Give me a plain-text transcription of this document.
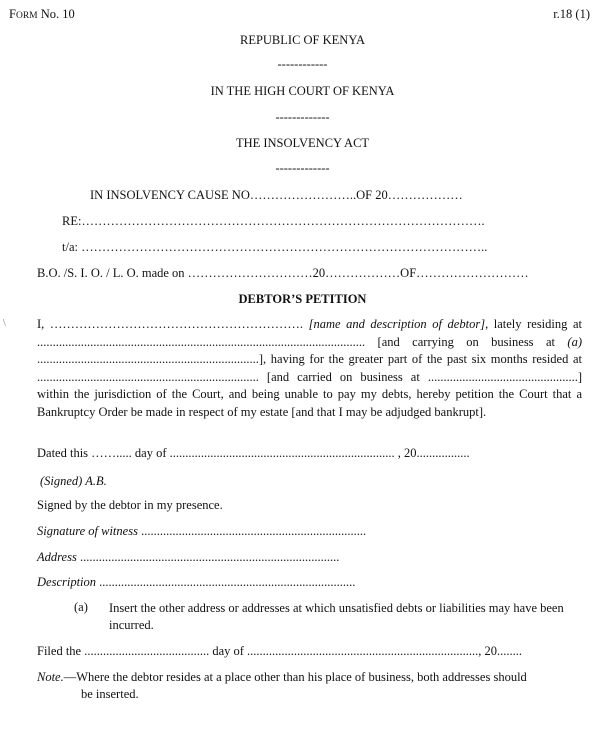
FORM No. 10	r.18 (1)
REPUBLIC OF KENYA
------------
IN THE HIGH COURT OF KENYA
-------------
THE INSOLVENCY ACT
-------------
IN INSOLVENCY CAUSE NO……………………..OF 20………………
RE:…………………………………………………………………………………….
t/a: ……………………………………………………………………………………..
B.O. /S. I. O. / L. O. made on …………………………20………………OF………………………
DEBTOR’S PETITION
\ I, ……………………………………………………. [name and description of debtor], lately residing at ......................................................................................................... [and carrying on business at (a) .......................................................................], having for the greater part of the past six months resided at ....................................................................... [and carried on business at ................................................] within the jurisdiction of the Court, and being unable to pay my debts, hereby petition the Court that a Bankruptcy Order be made in respect of my estate [and that I may be adjudged bankrupt].
Dated this ……..... day of ........................................................................ , 20.................
(Signed) A.B.
Signed by the debtor in my presence.
Signature of witness ........................................................................
Address ...................................................................................
Description ..................................................................................
(a) Insert the other address or addresses at which unsatisfied debts or liabilities may have been incurred.
Filed the ........................................ day of .........................................................................., 20........
Note.—Where the debtor resides at a place other than his place of business, both addresses should
be inserted.
